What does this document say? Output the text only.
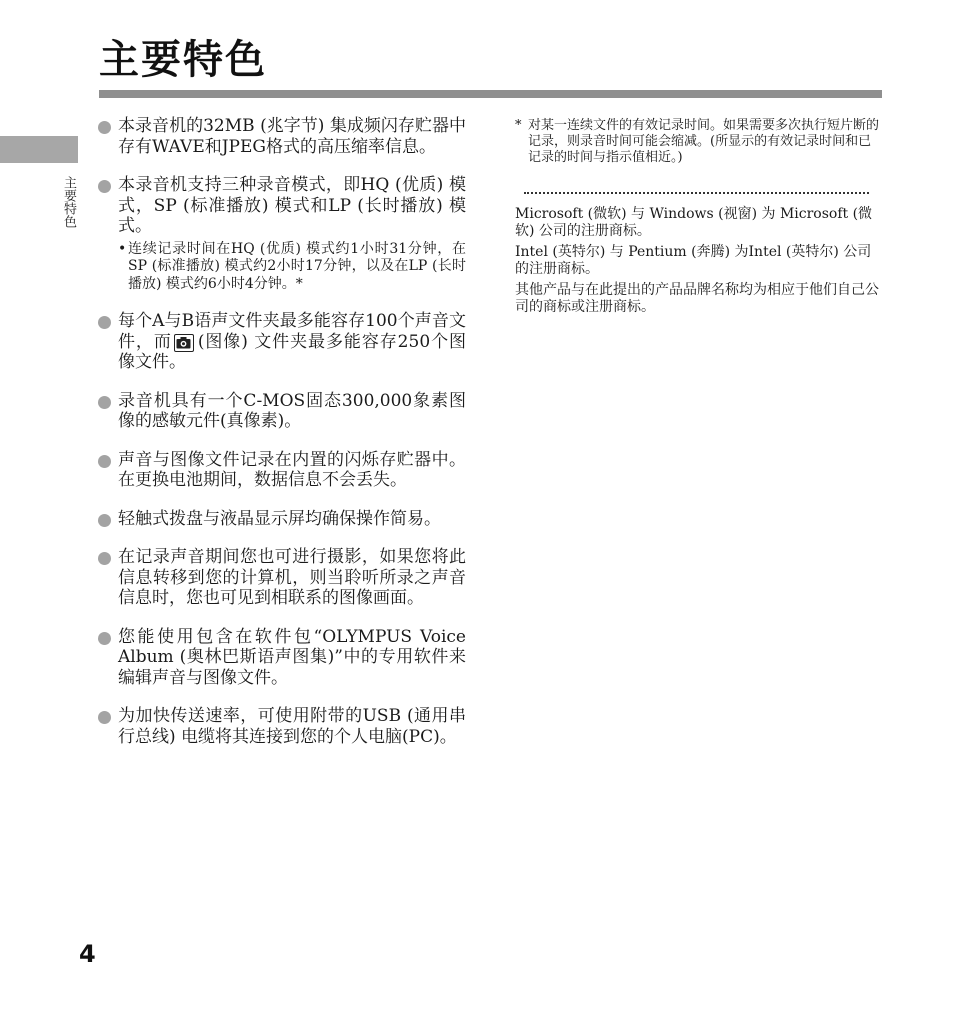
主要特色
主要特色
本录音机的32MB (兆字节) 集成频闪存贮器中存有WAVE和JPEG格式的高压缩率信息。
本录音机支持三种录音模式，即HQ (优质) 模式，SP (标准播放) 模式和LP (长时播放) 模式。
• 连续记录时间在HQ (优质) 模式约1小时31分钟，在SP (标准播放) 模式约2小时17分钟，以及在LP (长时播放) 模式约6小时4分钟。*
每个A与B语声文件夹最多能容存100个声音文件，而 (图像) 文件夹最多能容存250个图像文件。
录音机具有一个C-MOS固态300,000象素图像的感敏元件(真像素)。
声音与图像文件记录在内置的闪烁存贮器中。在更换电池期间，数据信息不会丢失。
轻触式拨盘与液晶显示屏均确保操作简易。
在记录声音期间您也可进行摄影，如果您将此信息转移到您的计算机，则当聆听所录之声音信息时，您也可见到相联系的图像画面。
您能使用包含在软件包“OLYMPUS Voice Album (奥林巴斯语声图集)”中的专用软件来编辑声音与图像文件。
为加快传送速率，可使用附带的USB (通用串行总线) 电缆将其连接到您的个人电脑(PC)。
* 对某一连续文件的有效记录时间。如果需要多次执行短片断的记录，则录音时间可能会缩减。(所显示的有效记录时间和已记录的时间与指示值相近。)

Microsoft (微软) 与 Windows (视窗) 为 Microsoft (微软) 公司的注册商标。

Intel (英特尔) 与 Pentium (奔腾) 为Intel (英特尔) 公司的注册商标。

其他产品与在此提出的产品品牌名称均为相应于他们自己公司的商标或注册商标。

4
